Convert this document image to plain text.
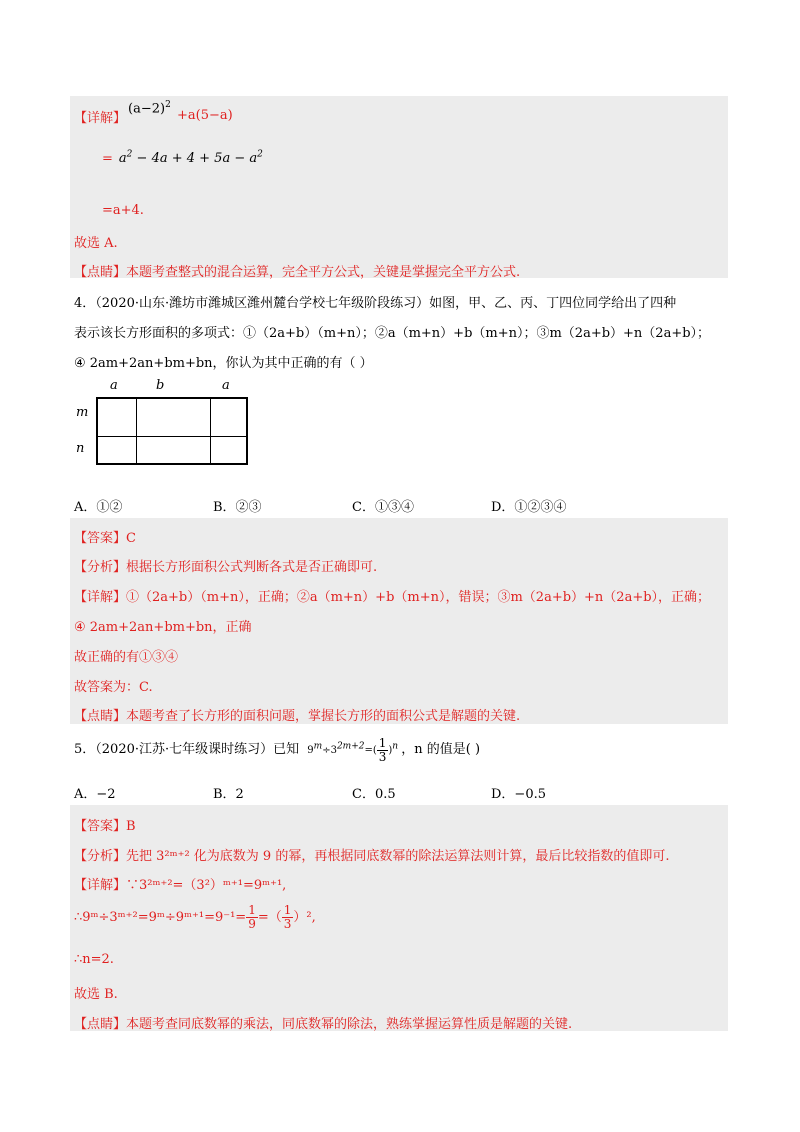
【详解】
$(a-2)^2$
+a(5−a)
= $a^2 - 4a + 4 + 5a - a^2$
=a+4.
故选 A.
【点睛】本题考查整式的混合运算，完全平方公式，关键是掌握完全平方公式.
4．（2020·山东·潍坊市潍城区潍州麓台学校七年级阶段练习）如图，甲、乙、丙、丁四位同学给出了四种
表示该长方形面积的多项式：①（2a+b）（m+n）；②a（m+n）+b（m+n）；③m（2a+b）+n（2a+b）；
④ 2am+2an+bm+bn，你认为其中正确的有（ ）
a	b	a
m
n
A．①②	B．②③	C．①③④	D．①②③④
【答案】C
【分析】根据长方形面积公式判断各式是否正确即可.
【详解】①（2a+b）（m+n），正确；②a（m+n）+b（m+n），错误；③m（2a+b）+n（2a+b），正确；
④ 2am+2an+bm+bn，正确
故正确的有①③④
故答案为：C.
【点睛】本题考查了长方形的面积问题，掌握长方形的面积公式是解题的关键.
5．（2020·江苏·七年级课时练习）已知 $9m\div 32m+2=( \frac{1}{3} )n$ ，n 的值是( )
A．−2	B．2	C．0.5	D．−0.5
【答案】B
【分析】先把 3²ᵐ⁺² 化为底数为 9 的幂，再根据同底数幂的除法运算法则计算，最后比较指数的值即可.
【详解】∵3²ᵐ⁺²=（3²）ᵐ⁺¹=9ᵐ⁺¹,
∴9ᵐ÷3ᵐ⁺²=9ᵐ÷9ᵐ⁺¹=9⁻¹= $\frac{1}{9}$ =（ $\frac{1}{3} )^2$,
∴n=2.
故选 B.
【点睛】本题考查同底数幂的乘法，同底数幂的除法，熟练掌握运算性质是解题的关键.
